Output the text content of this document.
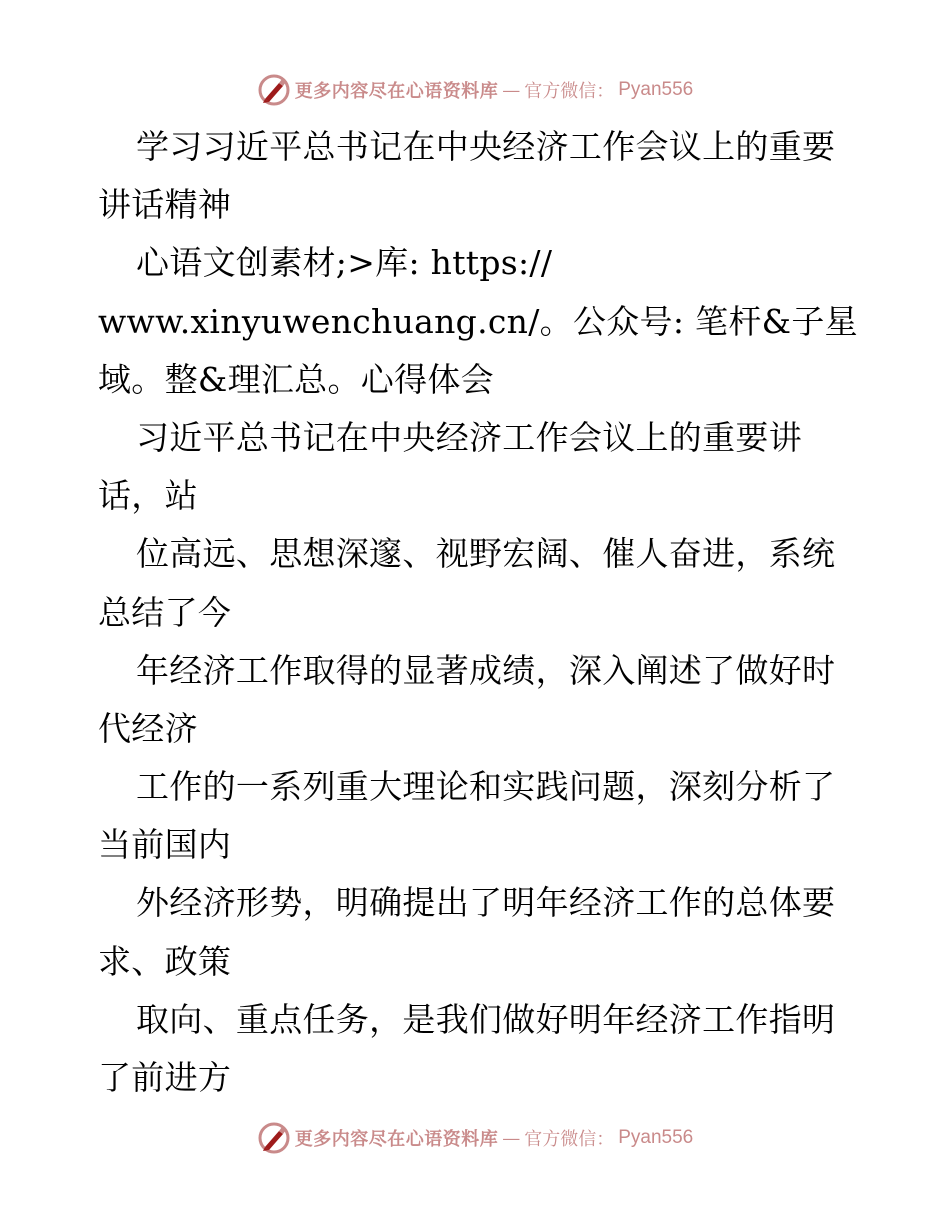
更多内容尽在心语资料库 — 官方微信： Pyan556
学习习近平总书记在中央经济工作会议上的重要
讲话精神
心语文创素材;>库: https://
www.xinyuwenchuang.cn/。公众号: 笔杆&子星
域。整&理汇总。心得体会
习近平总书记在中央经济工作会议上的重要讲
话，站
位高远、思想深邃、视野宏阔、催人奋进，系统
总结了今
年经济工作取得的显著成绩，深入阐述了做好时
代经济
工作的一系列重大理论和实践问题，深刻分析了
当前国内
外经济形势，明确提出了明年经济工作的总体要
求、政策
取向、重点任务，是我们做好明年经济工作指明
了前进方
更多内容尽在心语资料库 — 官方微信： Pyan556
